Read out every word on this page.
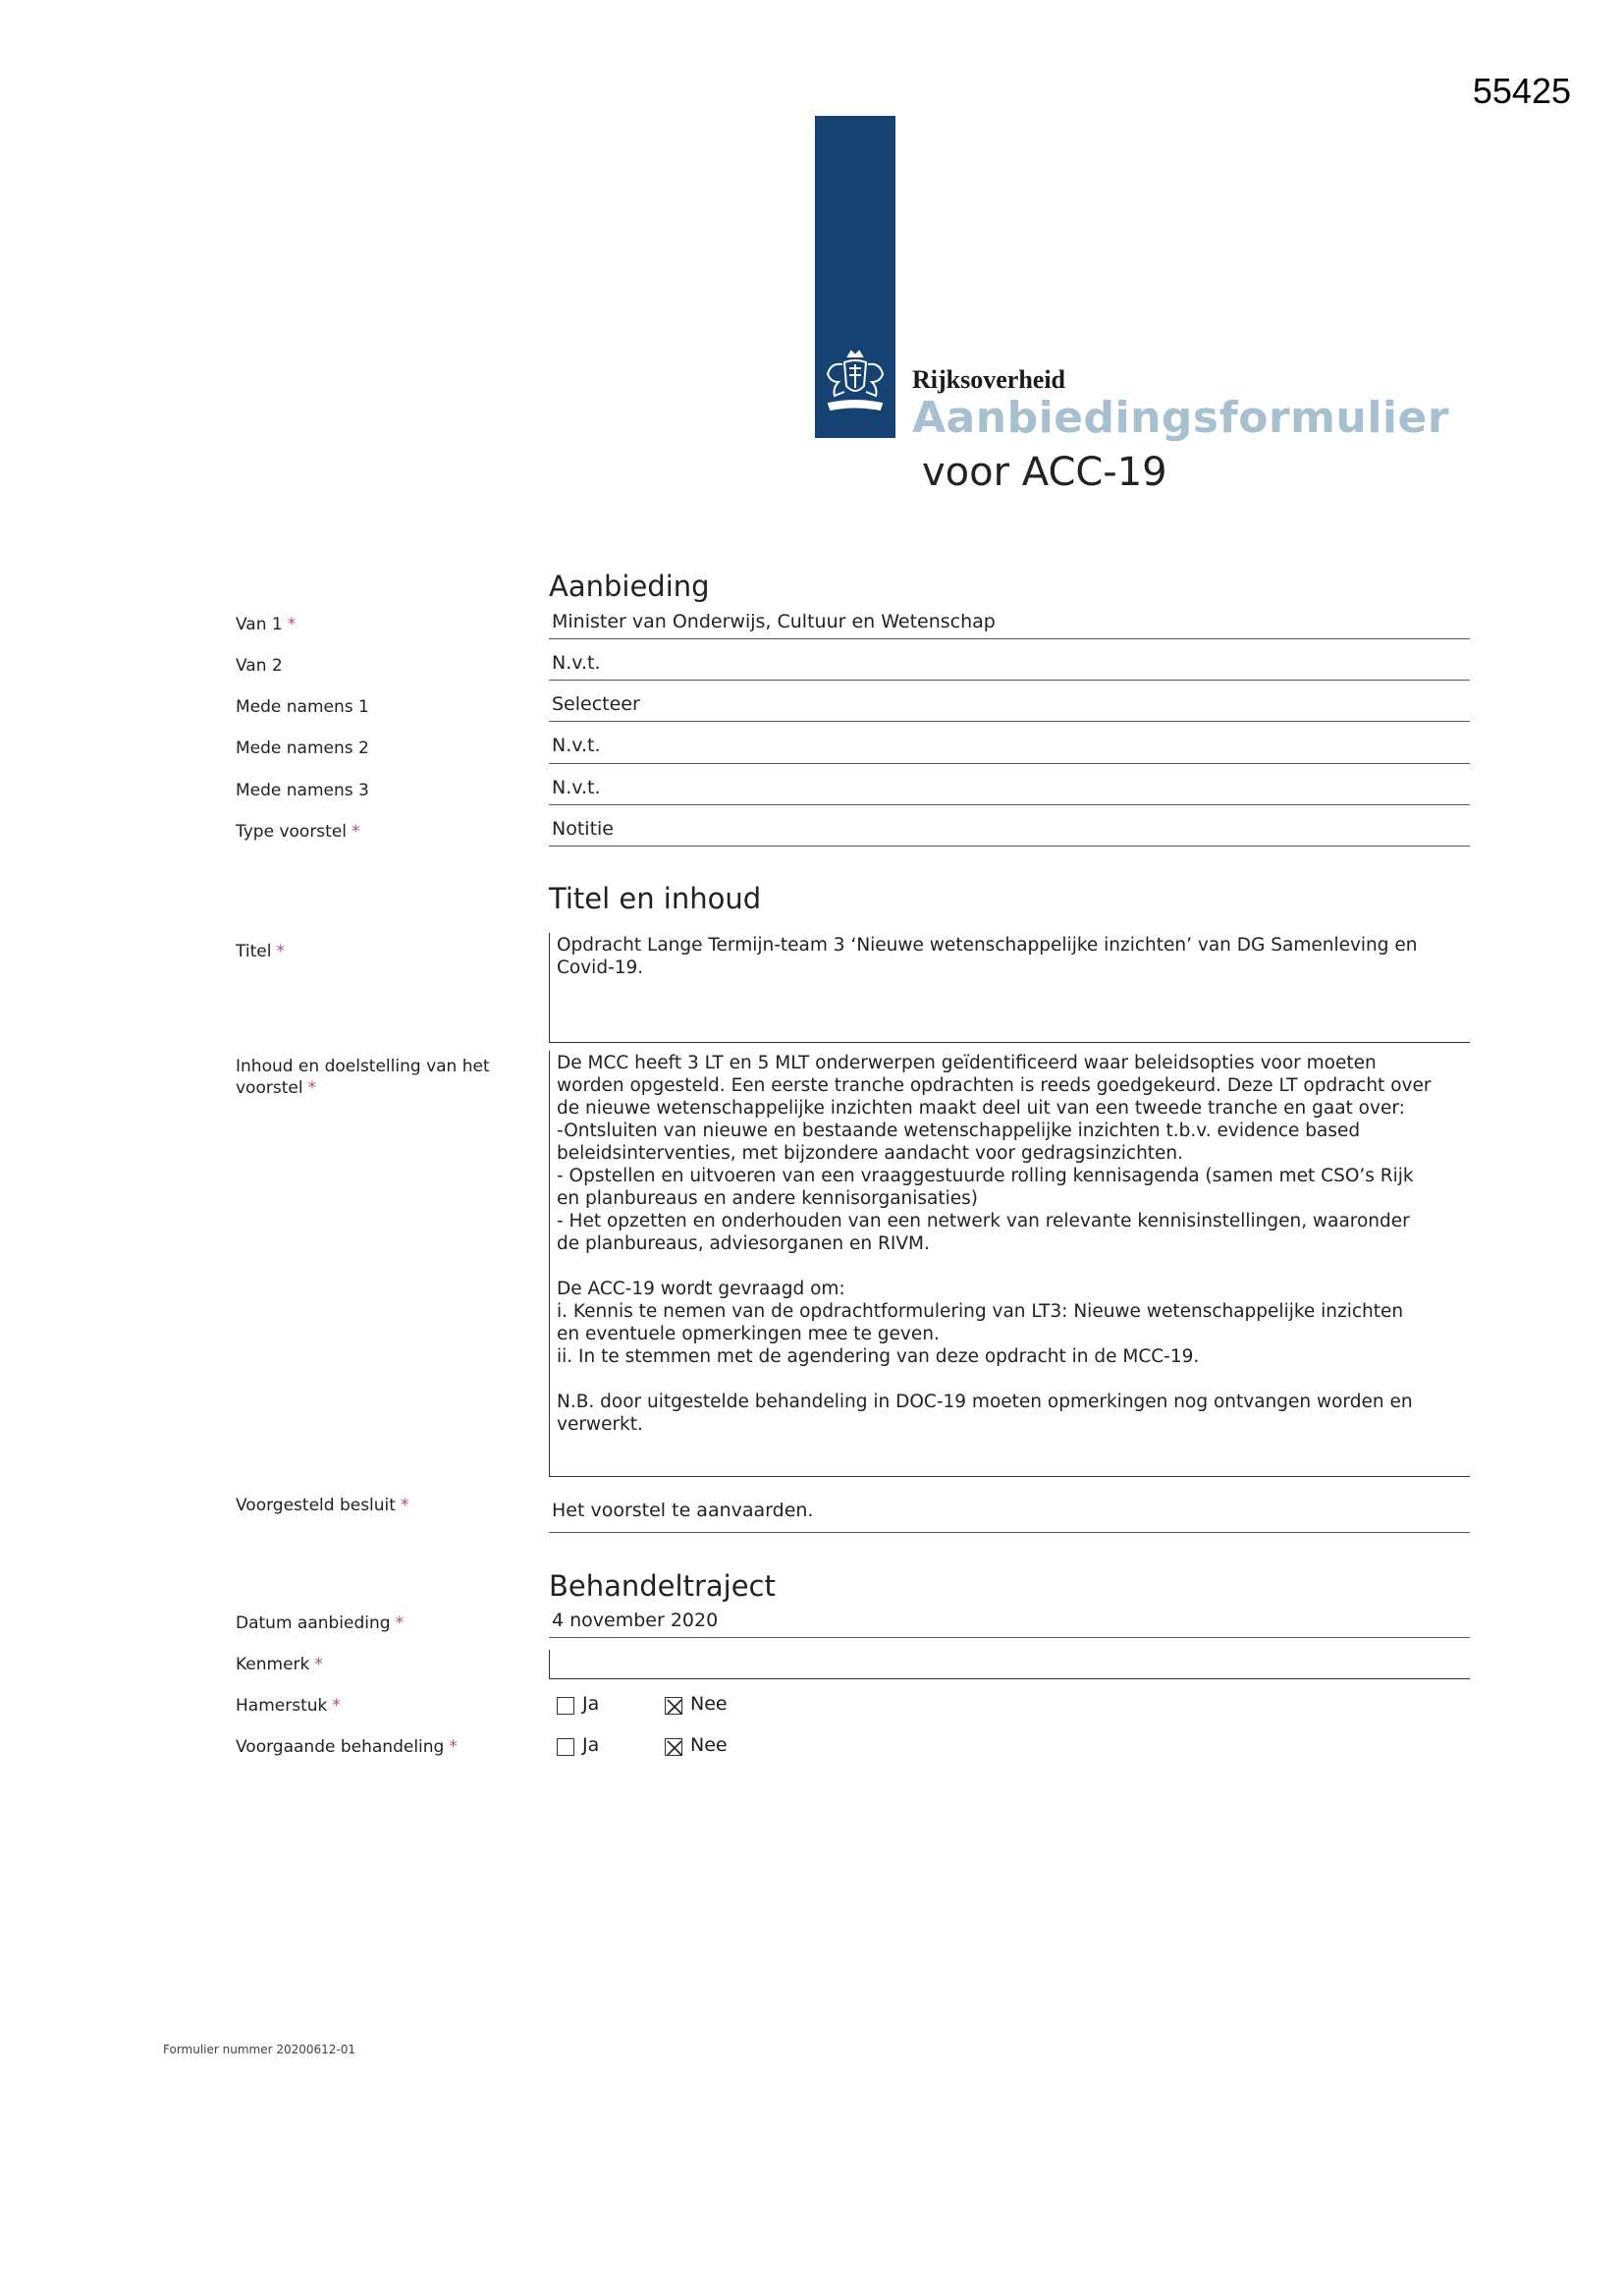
55425
Rijksoverheid
Aanbiedingsformulier
voor ACC-19
Aanbieding
Van 1 *	Minister van Onderwijs, Cultuur en Wetenschap
Van 2	N.v.t.
Mede namens 1	Selecteer
Mede namens 2	N.v.t.
Mede namens 3	N.v.t.
Type voorstel *	Notitie
Titel en inhoud
Titel *	Opdracht Lange Termijn-team 3 ‘Nieuwe wetenschappelijke inzichten’ van DG Samenleving en
Covid-19.
Inhoud en doelstelling van het
voorstel *
De MCC heeft 3 LT en 5 MLT onderwerpen geïdentificeerd waar beleidsopties voor moeten
worden opgesteld. Een eerste tranche opdrachten is reeds goedgekeurd. Deze LT opdracht over
de nieuwe wetenschappelijke inzichten maakt deel uit van een tweede tranche en gaat over:
-Ontsluiten van nieuwe en bestaande wetenschappelijke inzichten t.b.v. evidence based
beleidsinterventies, met bijzondere aandacht voor gedragsinzichten.
- Opstellen en uitvoeren van een vraaggestuurde rolling kennisagenda (samen met CSO’s Rijk
en planbureaus en andere kennisorganisaties)
- Het opzetten en onderhouden van een netwerk van relevante kennisinstellingen, waaronder
de planbureaus, adviesorganen en RIVM.

De ACC-19 wordt gevraagd om:
i. Kennis te nemen van de opdrachtformulering van LT3: Nieuwe wetenschappelijke inzichten
en eventuele opmerkingen mee te geven.
ii. In te stemmen met de agendering van deze opdracht in de MCC-19.

N.B. door uitgestelde behandeling in DOC-19 moeten opmerkingen nog ontvangen worden en
verwerkt.
Voorgesteld besluit *	Het voorstel te aanvaarden.
Behandeltraject
Datum aanbieding *	4 november 2020
Kenmerk *
Hamerstuk *	Ja	Nee
Voorgaande behandeling *	Ja	Nee
Formulier nummer 20200612-01
